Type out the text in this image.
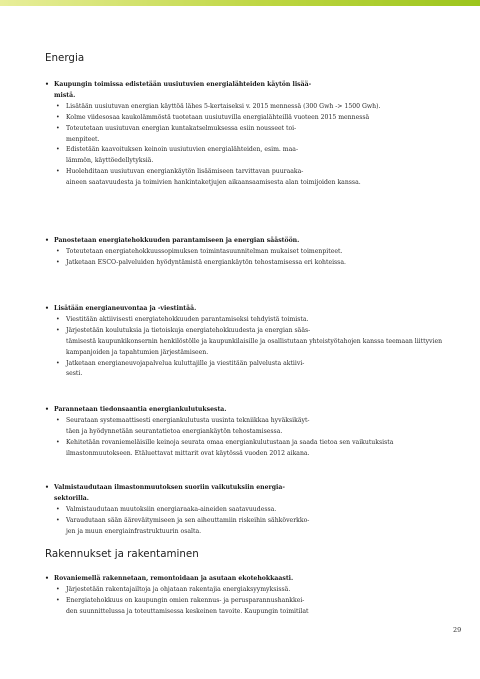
Energia
• Kaupungin toimissa edistetään uusiutuvien energialähteiden käytön lisää-
mistä.
• Lisätään uusiutuvan energian käyttöä lähes 5-kertaiseksi v. 2015 mennessä (300 Gwh -> 1500 Gwh).
• Kolme viidesosaa kaukolämmöstä tuotetaan uusiutuvilla energialähteillä vuoteen 2015 mennessä
• Toteutetaan uusiutuvan energian kuntakatselmuksessa esiin nousseet toi-
menpiteet.
• Edistetään kaavoituksen keinoin uusiutuvien energialähteiden, esim. maa-
lämmön, käyttöedellytyksiä.
• Huolehditaan uusiutuvan energiankäytön lisäämiseen tarvittavan puuraaka-
aineen saatavuudesta ja toimivien hankintaketjujen aikaansaamisesta alan toimijoiden kanssa.
• Panostetaan energiatehokkuuden parantamiseen ja energian säästöön.
• Toteutetaan energiatehokkuussopimuksen toimintasuunnitelman mukaiset toimenpiteet.
• Jatketaan ESCO-palveluiden hyödyntämistä energiankäytön tehostamisessa eri kohteissa.
• Lisätään energianeuvontaa ja -viestintää.
• Viestitään aktiivisesti energiatehokkuuden parantamiseksi tehdyistä toimista.
• Järjestetään koulutuksia ja tietoiskuja energiatehokkuudesta ja energian sääs-
tämisestä kaupunkikonsernin henkilöstölle ja kaupunkilaisille ja osallistutaan yhteistyötahojen kanssa teemaan liittyvien kampanjoiden ja tapahtumien järjestämiseen.
• Jatketaan energianeuvojapalvelua kuluttajille ja viestitään palvelusta aktiivi-
sesti.
• Parannetaan tiedonsaantia energiankulutuksesta.
• Seurataan systemaattisesti energiankulutusta uusinta tekniikkaa hyväksikäyt-
täen ja hyödynnetään seurantatietoa energiankäytön tehostamisessa.
• Kehitetään rovaniemeläisille keinoja seurata omaa energiankulutustaan ja saada tietoa sen vaikutuksista ilmastonmuutokseen. Etäluettavat mittarit ovat käytössä vuoden 2012 aikana.
• Valmistaudutaan ilmastonmuutoksen suoriin vaikutuksiin energia-
sektorilla.
• Valmistaudutaan muutoksiin energiaraaka-aineiden saatavuudessa.
• Varaudutaan sään ääreväitymiseen ja sen aiheuttamiin riskeihin sähköverkko-
jen ja muun energiainfrastruktuurin osalta.
Rakennukset ja rakentaminen
• Rovaniemellä rakennetaan, remontoidaan ja asutaan ekotehokkaasti.
• Järjestetään rakentajailtoja ja ohjataan rakentajia energiaksyymyksissä.
• Energiatehokkuus on kaupungin omien rakennus- ja perusparannushankkei-
den suunnittelussa ja toteuttamisessa keskeinen tavoite. Kaupungin toimitilat
29
